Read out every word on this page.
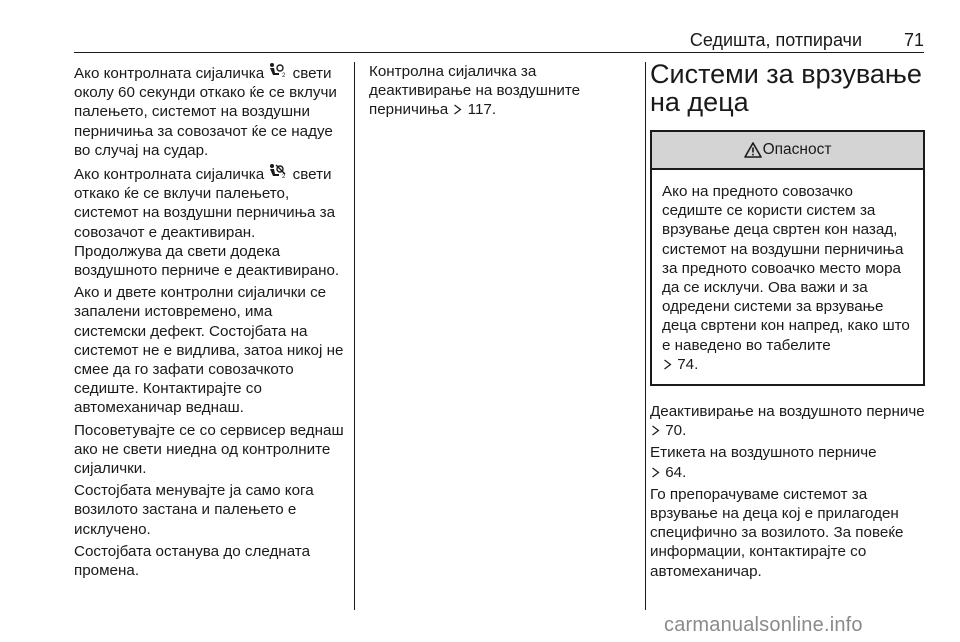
Седишта, потпирачи 71

Ако контролната сијаличка	2 свети околу 60 секунди откако ќе се вклучи палењето, системот на воздушни перничиња за совозачот ќе се надуе во случај на судар.

Ако контролната сијаличка	2 свети откако ќе се вклучи палењето, системот на воздушни перничиња за совозачот е деактивиран. Продолжува да свети додека воздушното перниче е деактивирано.

Ако и двете контролни сијалички се запалени истовремено, има системски дефект. Состојбата на системот не е видлива, затоа никој не смее да го зафати совозачкото седиште. Контактирајте со автомеханичар веднаш.

Посоветувајте се со сервисер веднаш ако не свети ниедна од контролните сијалички.

Состојбата менувајте ја само кога возилото застана и палењето е исклучено.

Состојбата останува до следната промена.

Контролна сијаличка за деактивирање на воздушните перничиња 117.

Системи за врзување на деца
Опасност
Ако на предното совозачко седиште се користи систем за врзување деца свртен кон назад, системот на воздушни перничиња за предното совоачко место мора да се исклучи. Ова важи и за одредени системи за врзување деца свртени кон напред, како што е наведено во табелите
74.

Деактивирање на воздушното перниче  70.

Етикета на воздушното перниче
64.

Го препорачуваме системот за врзување на деца кој е прилагоден специфично за возилото. За повеќе информации, контактирајте со автомеханичар.

carmanualsonline.info
